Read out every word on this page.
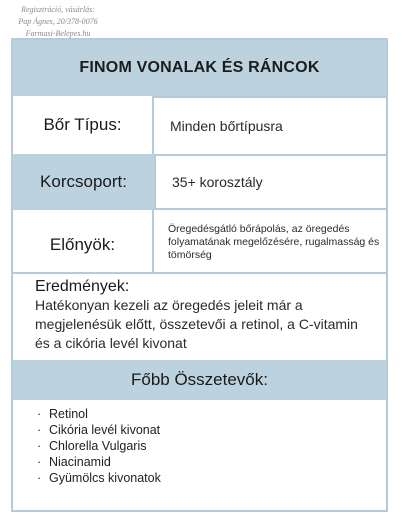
Regisztráció, vásárlás:
Pap Ágnes, 20/378-0076
Farmasi-Belepes.hu
FINOM VONALAK ÉS RÁNCOK
Bőr Típus:	Minden bőrtípusra
Korcsoport:	35+ korosztály
Előnyök:
Öregedésgátló bőrápolás, az öregedés folyamatának megelőzésére, rugalmasság és tömörség
Eredmények:
Hatékonyan kezeli az öregedés jeleit már a megjelenésük előtt, összetevői a retinol, a C-vitamin és a cikória levél kivonat
Főbb Összetevők:
· Retinol
· Cikória levél kivonat
· Chlorella Vulgaris
· Niacinamid
· Gyümölcs kivonatok
